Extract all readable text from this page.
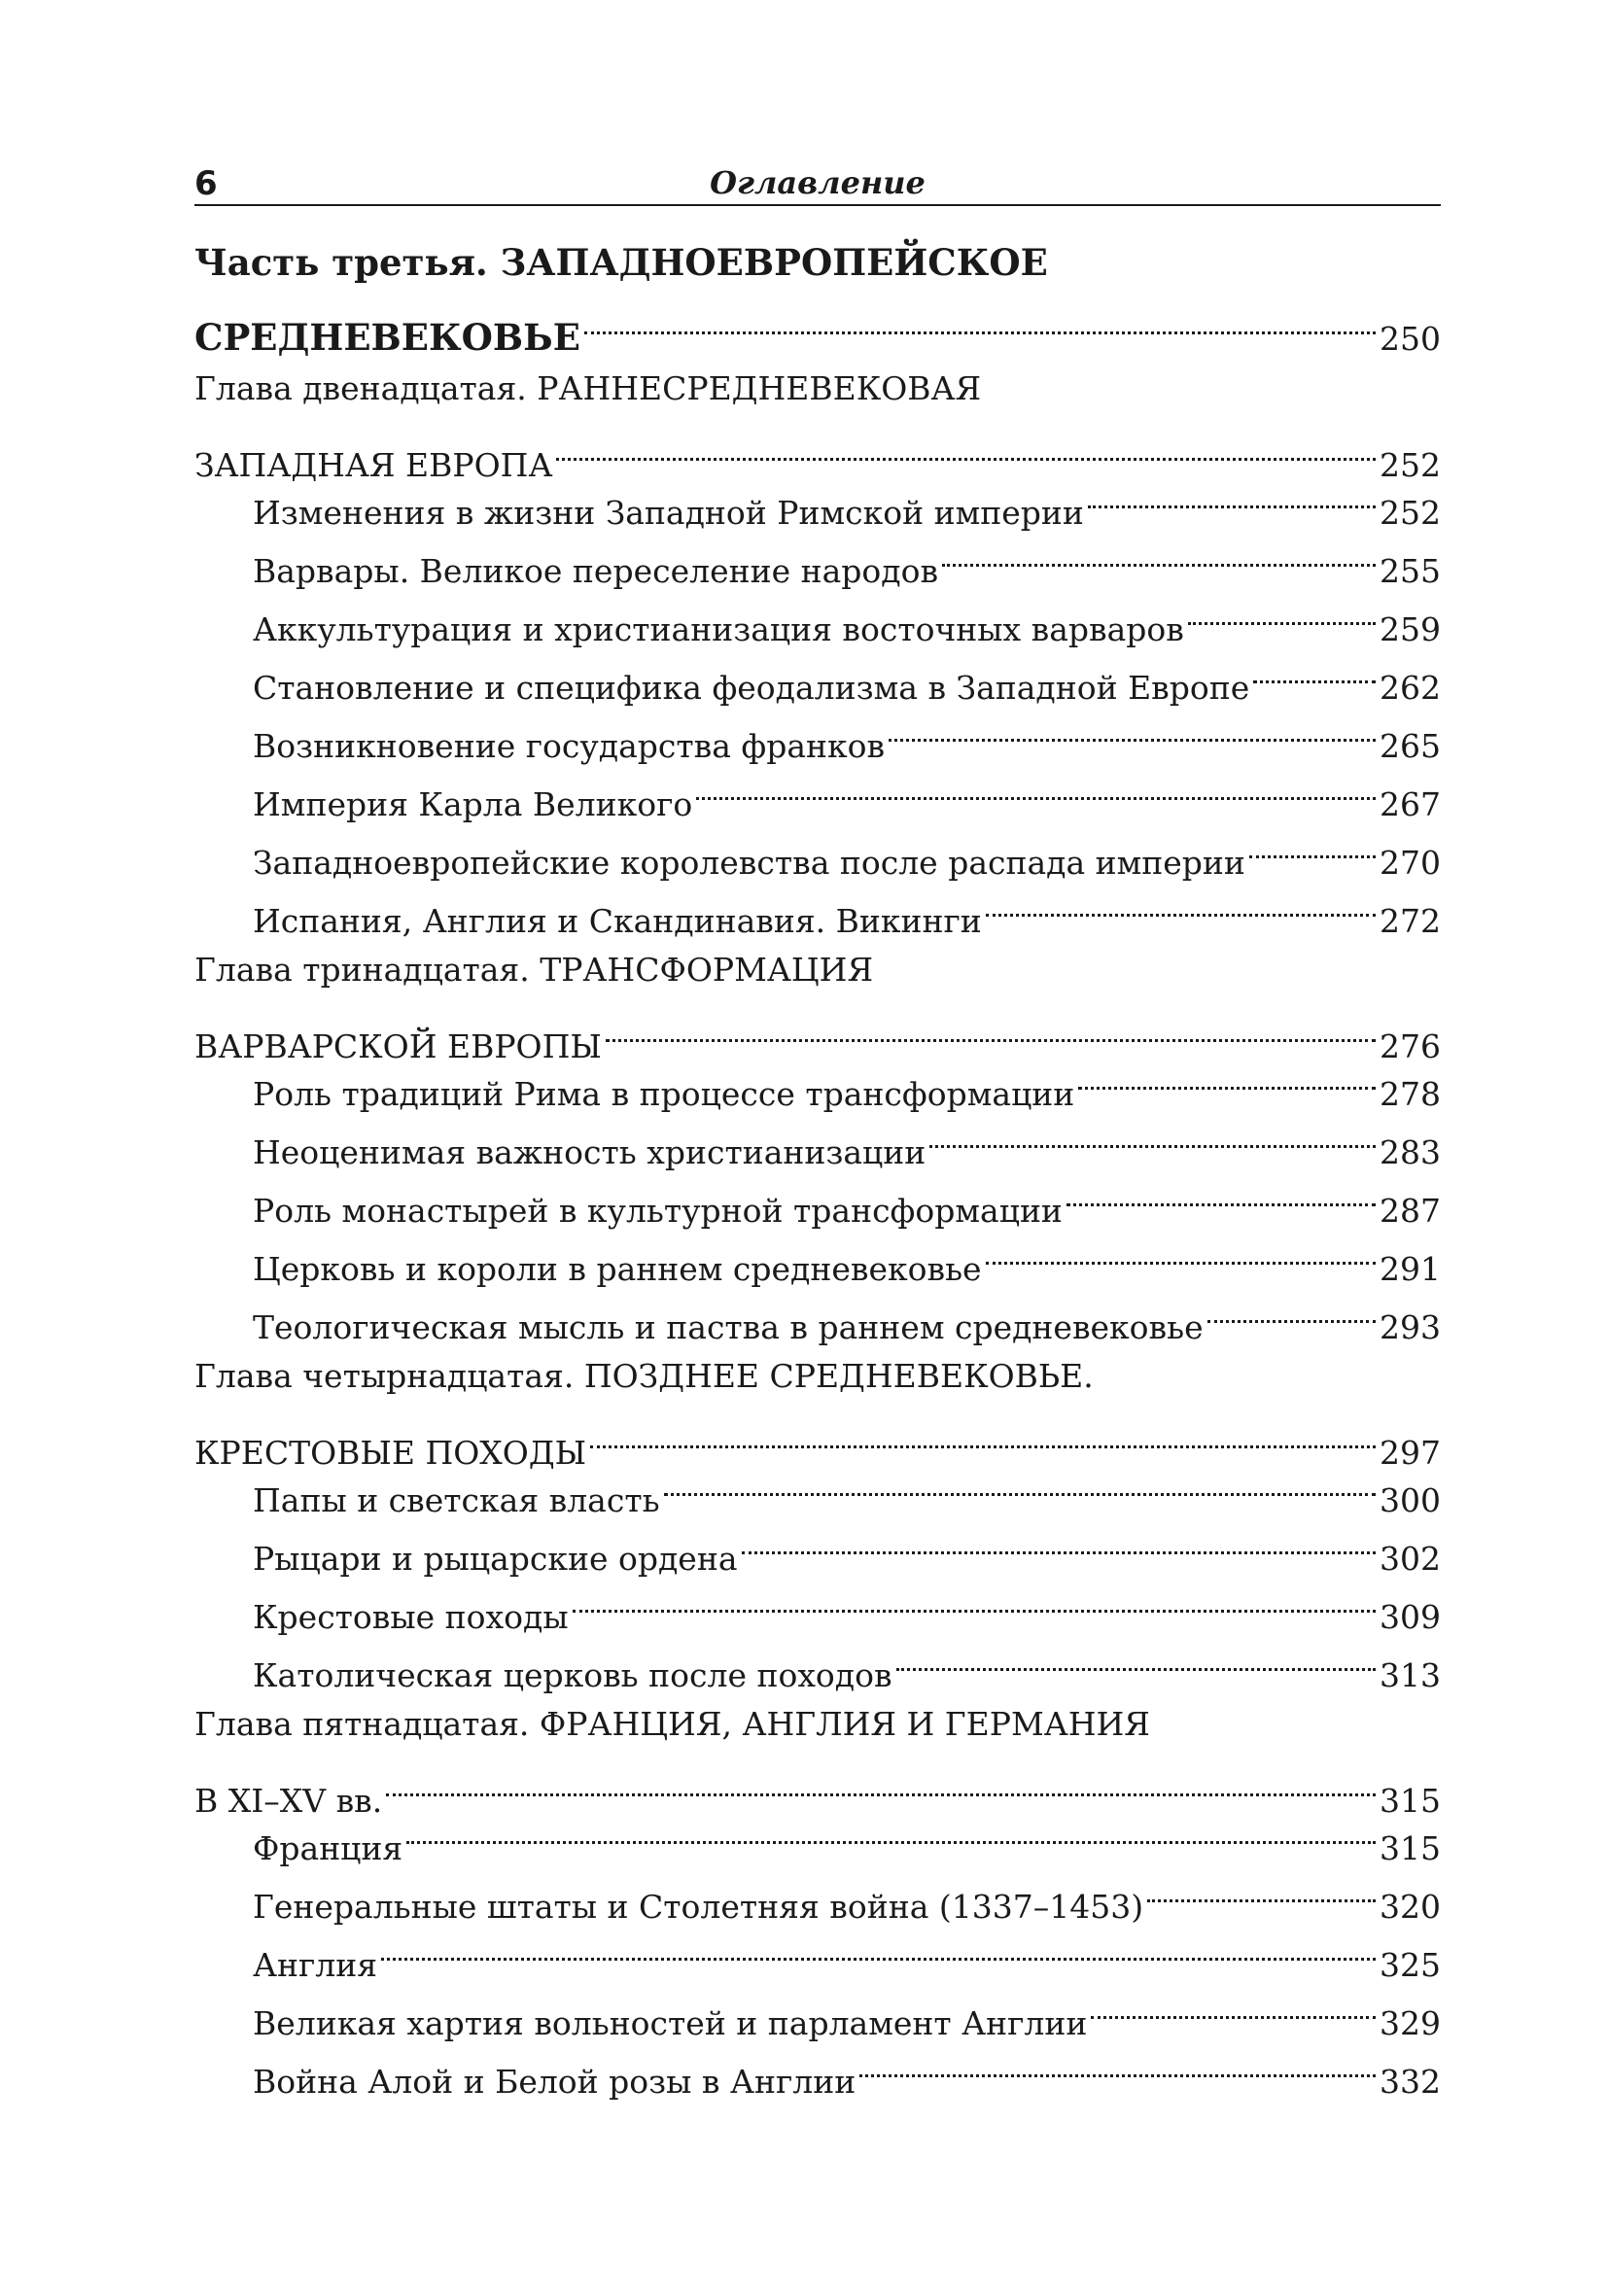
6	Оглавление
Часть третья. ЗАПАДНОЕВРОПЕЙСКОЕ
СРЕДНЕВЕКОВЬЕ	250
Глава двенадцатая. РАННЕСРЕДНЕВЕКОВАЯ
ЗАПАДНАЯ ЕВРОПА	252
Изменения в жизни Западной Римской империи	252
Варвары. Великое переселение народов	255
Аккультурация и христианизация восточных варваров	259
Становление и специфика феодализма в Западной Европе	262
Возникновение государства франков	265
Империя Карла Великого	267
Западноевропейские королевства после распада империи	270
Испания, Англия и Скандинавия. Викинги	272
Глава тринадцатая. ТРАНСФОРМАЦИЯ
ВАРВАРСКОЙ ЕВРОПЫ	276
Роль традиций Рима в процессе трансформации	278
Неоценимая важность христианизации	283
Роль монастырей в культурной трансформации	287
Церковь и короли в раннем средневековье	291
Теологическая мысль и паства в раннем средневековье	293
Глава четырнадцатая. ПОЗДНЕЕ СРЕДНЕВЕКОВЬЕ.
КРЕСТОВЫЕ ПОХОДЫ	297
Папы и светская власть	300
Рыцари и рыцарские ордена	302
Крестовые походы	309
Католическая церковь после походов	313
Глава пятнадцатая. ФРАНЦИЯ, АНГЛИЯ И ГЕРМАНИЯ
В XI–XV вв.	315
Франция	315
Генеральные штаты и Столетняя война (1337–1453)	320
Англия	325
Великая хартия вольностей и парламент Англии	329
Война Алой и Белой розы в Англии	332
